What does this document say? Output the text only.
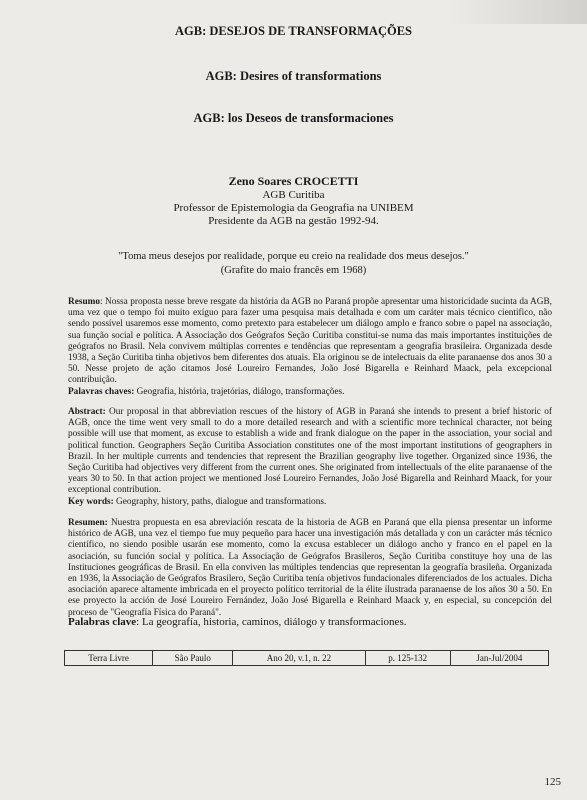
AGB: DESEJOS DE TRANSFORMAÇÕES
AGB: Desires of transformations
AGB: los Deseos de transformaciones
Zeno Soares CROCETTI
AGB Curitiba
Professor de Epistemologia da Geografia na UNIBEM
Presidente da AGB na gestão 1992-94.
"Toma meus desejos por realidade, porque eu creio na realidade dos meus desejos."
(Grafite do maio francês em 1968)
Resumo: Nossa proposta nesse breve resgate da história da AGB no Paraná propõe apresentar uma historicidade sucinta da AGB, uma vez que o tempo foi muito exíguo para fazer uma pesquisa mais detalhada e com um caráter mais técnico cientifico, não sendo possível usaremos esse momento, como pretexto para estabelecer um diálogo amplo e franco sobre o papel na associação, sua função social e política. A Associação dos Geógrafos Seção Curitiba constitui-se numa das mais importantes instituições de geógrafos no Brasil. Nela convivem múltiplas correntes e tendências que representam a geografia brasileira. Organizada desde 1938, a Seção Curitiba tinha objetivos bem diferentes dos atuais. Ela originou se de intelectuais da elite paranaense dos anos 30 a 50. Nesse projeto de ação citamos José Loureiro Fernandes, João José Bigarella e Reinhard Maack, pela excepcional contribuição.
Palavras chaves: Geografia, história, trajetórias, diálogo, transformações.
Abstract: Our proposal in that abbreviation rescues of the history of AGB in Paraná she intends to present a brief historic of AGB, once the time went very small to do a more detailed research and with a scientific more technical character, not being possible will use that moment, as excuse to establish a wide and frank dialogue on the paper in the association, your social and political function. Geographers Seção Curitiba Association constitutes one of the most important institutions of geographers in Brazil. In her multiple currents and tendencies that represent the Brazilian geography live together. Organized since 1936, the Seção Curitiba had objectives very different from the current ones. She originated from intellectuals of the elite paranaense of the years 30 to 50. In that action project we mentioned José Loureiro Fernandes, João José Bigarella and Reinhard Maack, for your exceptional contribution.
Key words: Geography, history, paths, dialogue and transformations.
Resumen: Nuestra propuesta en esa abreviación rescata de la historia de AGB en Paraná que ella piensa presentar un informe histórico de AGB, una vez el tiempo fue muy pequeño para hacer una investigación más detallada y con un carácter más técnico científico, no siendo posible usarán ese momento, como la excusa establecer un diálogo ancho y franco en el papel en la asociación, su función social y política. La Associação de Geógrafos Brasileros, Seção Curitiba constituye hoy una de las Instituciones geográficas de Brasil. En ella conviven las múltiples tendencias que representan la geografía brasileña. Organizada en 1936, la Associação de Geógrafos Brasilero, Seção Curitiba tenía objetivos fundacionales diferenciados de los actuales. Dicha asociación aparece altamente imbricada en el proyecto político territorial de la élite ilustrada paranaense de los años 30 a 50. En ese proyecto la acción de José Loureiro Fernández, João José Bigarella e Reinhard Maack y, en especial, su concepción del proceso de "Geografía Física do Paraná".
Palabras clave: La geografía, historia, caminos, diálogo y transformaciones.
Terra Livre	São Paulo	Ano 20, v.1, n. 22	p. 125-132	Jan-Jul/2004
125
